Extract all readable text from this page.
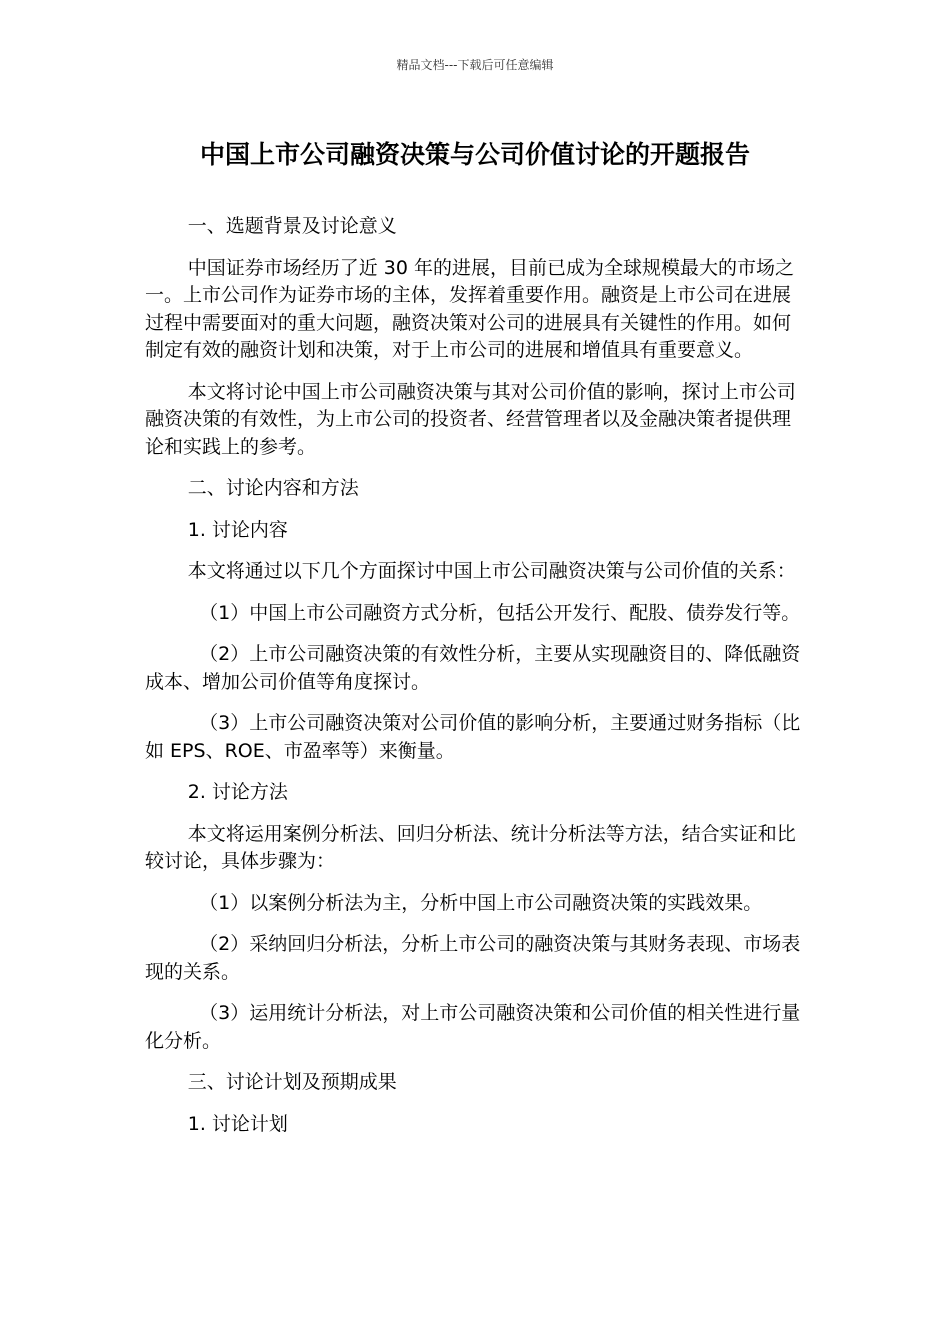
精品文档---下载后可任意编辑
中国上市公司融资决策与公司价值讨论的开题报告

一、选题背景及讨论意义

中国证券市场经历了近 30 年的进展，目前已成为全球规模最大的市场之一。上市公司作为证券市场的主体，发挥着重要作用。融资是上市公司在进展过程中需要面对的重大问题，融资决策对公司的进展具有关键性的作用。如何制定有效的融资计划和决策，对于上市公司的进展和增值具有重要意义。

本文将讨论中国上市公司融资决策与其对公司价值的影响，探讨上市公司融资决策的有效性，为上市公司的投资者、经营管理者以及金融决策者提供理论和实践上的参考。

二、讨论内容和方法

1. 讨论内容

本文将通过以下几个方面探讨中国上市公司融资决策与公司价值的关系：

（1）中国上市公司融资方式分析，包括公开发行、配股、债券发行等。

（2）上市公司融资决策的有效性分析，主要从实现融资目的、降低融资成本、增加公司价值等角度探讨。

（3）上市公司融资决策对公司价值的影响分析，主要通过财务指标（比如 EPS、ROE、市盈率等）来衡量。

2. 讨论方法

本文将运用案例分析法、回归分析法、统计分析法等方法，结合实证和比较讨论，具体步骤为：

（1）以案例分析法为主，分析中国上市公司融资决策的实践效果。

（2）采纳回归分析法，分析上市公司的融资决策与其财务表现、市场表现的关系。

（3）运用统计分析法，对上市公司融资决策和公司价值的相关性进行量化分析。

三、讨论计划及预期成果

1. 讨论计划
